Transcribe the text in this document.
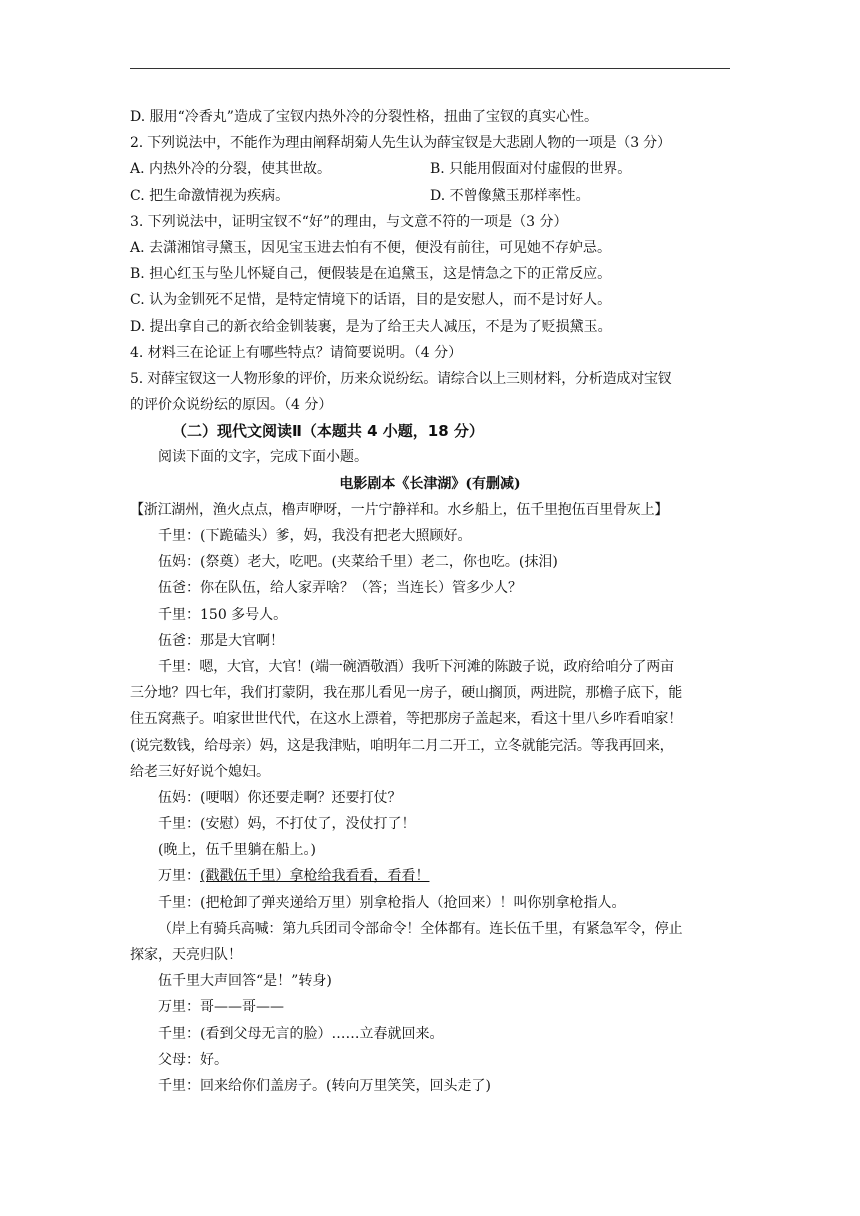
D. 服用“冷香丸”造成了宝钗内热外冷的分裂性格，扭曲了宝钗的真实心性。
2. 下列说法中，不能作为理由阐释胡菊人先生认为薛宝钗是大悲剧人物的一项是（3 分）
A. 内热外冷的分裂，使其世故。	B. 只能用假面对付虚假的世界。
C. 把生命激情视为疾病。	D. 不曾像黛玉那样率性。
3. 下列说法中，证明宝钗不“好”的理由，与文意不符的一项是（3 分）
A. 去潇湘馆寻黛玉，因见宝玉进去怕有不便，便没有前往，可见她不存妒忌。
B. 担心红玉与坠儿怀疑自己，便假装是在追黛玉，这是情急之下的正常反应。
C. 认为金钏死不足惜，是特定情境下的话语，目的是安慰人，而不是讨好人。
D. 提出拿自己的新衣给金钏装裹，是为了给王夫人减压，不是为了贬损黛玉。
4. 材料三在论证上有哪些特点？请简要说明。（4 分）
5. 对薛宝钗这一人物形象的评价，历来众说纷纭。请综合以上三则材料，分析造成对宝钗
的评价众说纷纭的原因。（4 分）
（二）现代文阅读Ⅱ（本题共 4 小题，18 分）
阅读下面的文字，完成下面小题。
电影剧本《长津湖》(有删减)
【浙江湖州，渔火点点，橹声咿呀，一片宁静祥和。水乡船上，伍千里抱伍百里骨灰上】
千里：(下跪磕头）爹，妈，我没有把老大照顾好。
伍妈：(祭奠）老大，吃吧。(夹菜给千里）老二，你也吃。(抹泪)
伍爸：你在队伍，给人家弄啥？（答；当连长）管多少人？
千里：150 多号人。
伍爸：那是大官啊！
千里：嗯，大官，大官！(端一碗酒敬酒）我听下河滩的陈跛子说，政府给咱分了两亩
三分地？四七年，我们打蒙阴，我在那儿看见一房子，硬山搁顶，两进院，那檐子底下，能
住五窝燕子。咱家世世代代，在这水上漂着，等把那房子盖起来，看这十里八乡咋看咱家！
(说完数钱，给母亲）妈，这是我津贴，咱明年二月二开工，立冬就能完活。等我再回来，
给老三好好说个媳妇。
伍妈：(哽咽）你还要走啊？还要打仗？
千里：(安慰）妈，不打仗了，没仗打了！
(晚上，伍千里躺在船上。)
万里：(戳戳伍千里）拿枪给我看看，看看！
千里：(把枪卸了弹夹递给万里）别拿枪指人（抢回来）！叫你别拿枪指人。
（岸上有骑兵高喊：第九兵团司令部命令！全体都有。连长伍千里，有紧急军令，停止
探家，天亮归队！
伍千里大声回答“是！”转身)
万里：哥——哥——
千里：(看到父母无言的脸）……立春就回来。
父母：好。
千里：回来给你们盖房子。(转向万里笑笑，回头走了)
